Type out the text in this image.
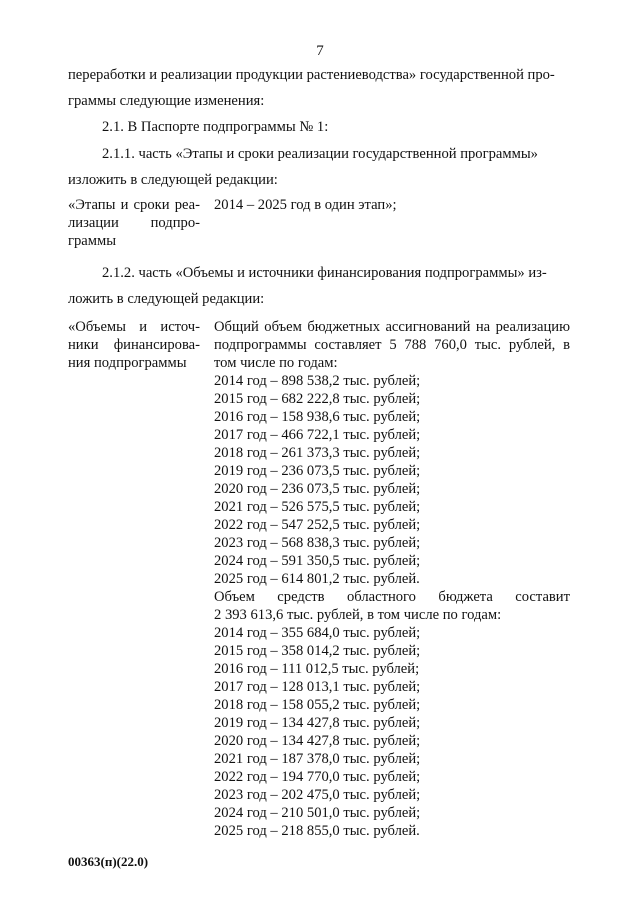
7
переработки и реализации продукции растениеводства» государственной про-
граммы следующие изменения:
2.1. В Паспорте подпрограммы № 1:
2.1.1. часть «Этапы и сроки реализации государственной программы»
изложить в следующей редакции:
«Этапы и сроки реа-
лизации подпро-
граммы
2014 – 2025 год в один этап»;
2.1.2. часть «Объемы и источники финансирования подпрограммы» из-
ложить в следующей редакции:
«Объемы и источ-
ники финансирова-
ния подпрограммы
Общий объем бюджетных ассигнований на реализацию
подпрограммы составляет 5 788 760,0 тыс. рублей, в
том числе по годам:
2014 год – 898 538,2 тыс. рублей;
2015 год – 682 222,8 тыс. рублей;
2016 год – 158 938,6 тыс. рублей;
2017 год – 466 722,1 тыс. рублей;
2018 год – 261 373,3 тыс. рублей;
2019 год – 236 073,5 тыс. рублей;
2020 год – 236 073,5 тыс. рублей;
2021 год – 526 575,5 тыс. рублей;
2022 год – 547 252,5 тыс. рублей;
2023 год – 568 838,3 тыс. рублей;
2024 год – 591 350,5 тыс. рублей;
2025 год – 614 801,2 тыс. рублей.
Объем средств областного бюджета составит
2 393 613,6 тыс. рублей, в том числе по годам:
2014 год – 355 684,0 тыс. рублей;
2015 год – 358 014,2 тыс. рублей;
2016 год – 111 012,5 тыс. рублей;
2017 год – 128 013,1 тыс. рублей;
2018 год – 158 055,2 тыс. рублей;
2019 год – 134 427,8 тыс. рублей;
2020 год – 134 427,8 тыс. рублей;
2021 год – 187 378,0 тыс. рублей;
2022 год – 194 770,0 тыс. рублей;
2023 год – 202 475,0 тыс. рублей;
2024 год – 210 501,0 тыс. рублей;
2025 год – 218 855,0 тыс. рублей.
00363(п)(22.0)
